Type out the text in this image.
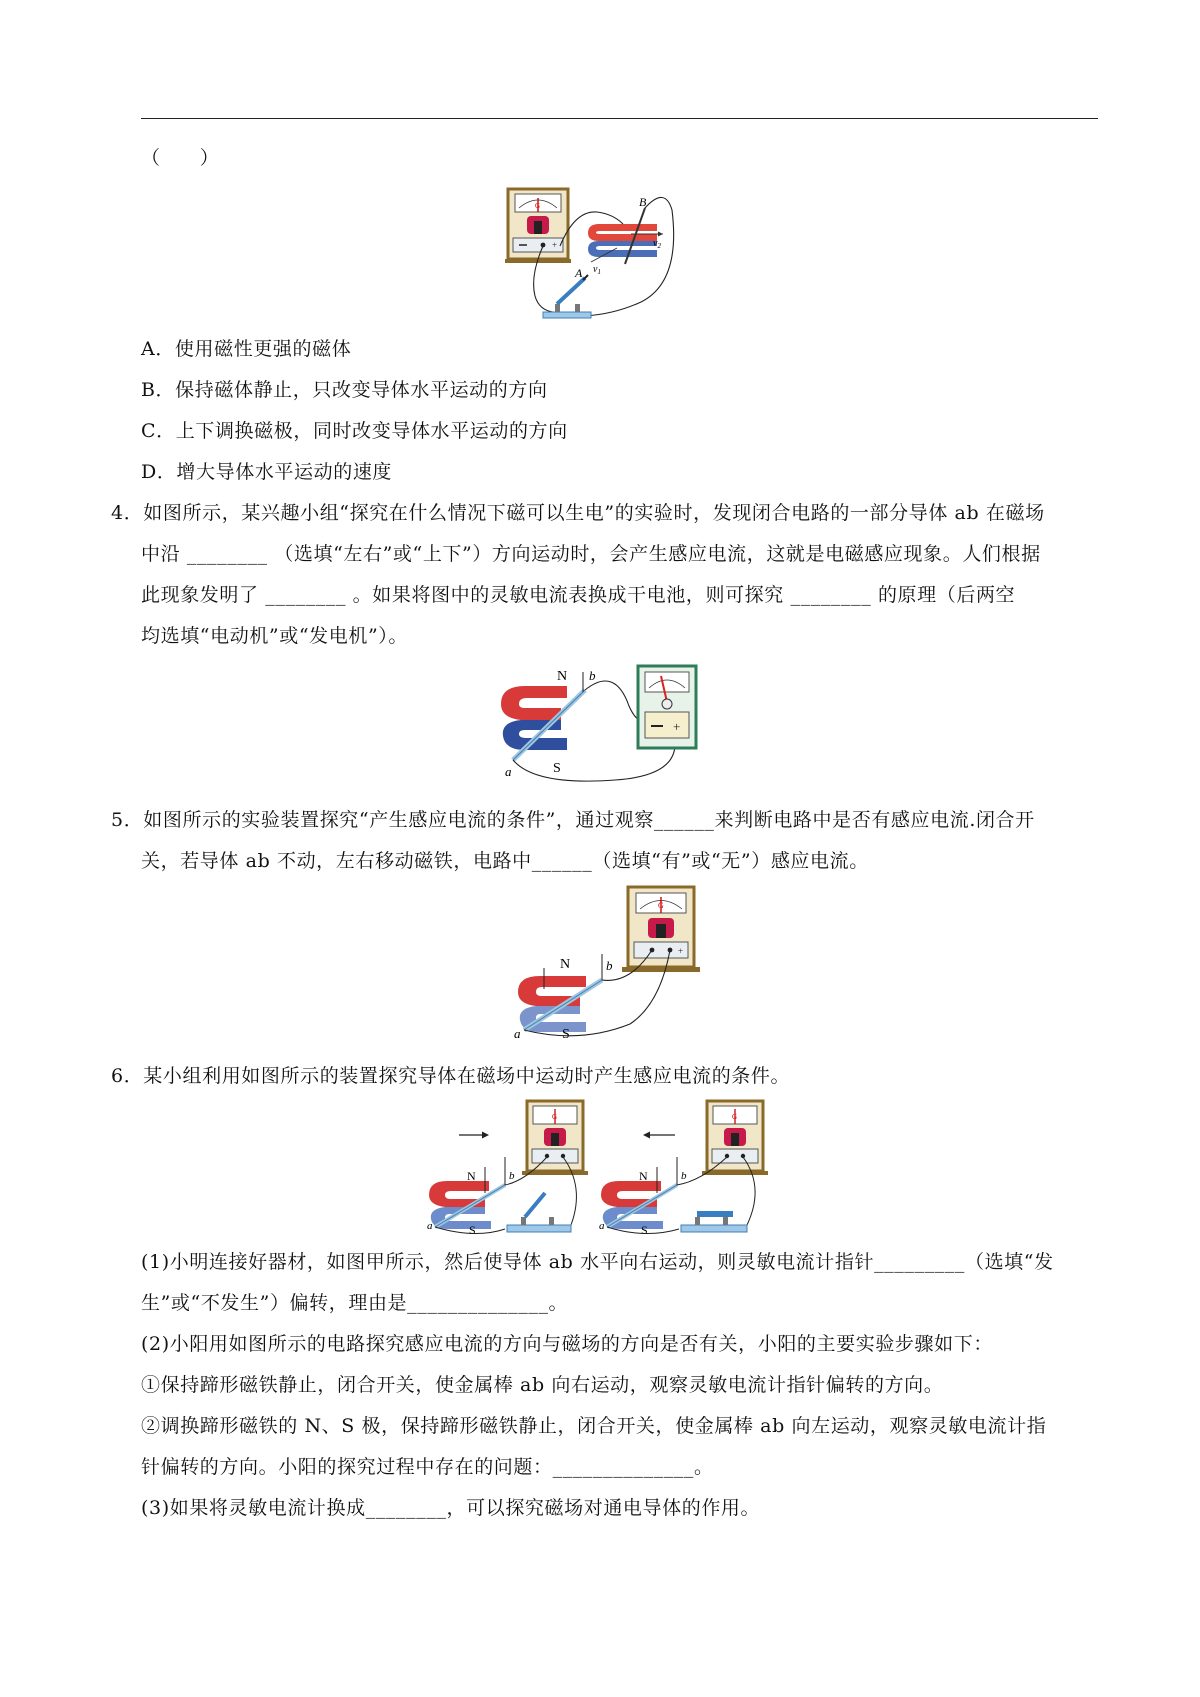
（　　）
G
+
B
A $v_1$
$v_2$
A．使用磁性更强的磁体
B．保持磁体静止，只改变导体水平运动的方向
C．上下调换磁极，同时改变导体水平运动的方向
D．增大导体水平运动的速度
4．如图所示，某兴趣小组“探究在什么情况下磁可以生电”的实验时，发现闭合电路的一部分导体 ab 在磁场
中沿 ________ （选填“左右”或“上下”）方向运动时，会产生感应电流，这就是电磁感应现象。人们根据
此现象发明了 ________ 。如果将图中的灵敏电流表换成干电池，则可探究 ________ 的原理（后两空
均选填“电动机”或“发电机”）。
N
S
a
b
+
5．如图所示的实验装置探究“产生感应电流的条件”，通过观察______来判断电路中是否有感应电流.闭合开
关，若导体 ab 不动，左右移动磁铁，电路中______（选填“有”或“无”）感应电流。
G
+
N
S
a
b
6．某小组利用如图所示的装置探究导体在磁场中运动时产生感应电流的条件。
G
N
S
a
b
G
N
S
a
b
(1)小明连接好器材，如图甲所示，然后使导体 ab 水平向右运动，则灵敏电流计指针_________（选填“发
生”或“不发生”）偏转，理由是______________。
(2)小阳用如图所示的电路探究感应电流的方向与磁场的方向是否有关，小阳的主要实验步骤如下：
①保持蹄形磁铁静止，闭合开关，使金属棒 ab 向右运动，观察灵敏电流计指针偏转的方向。
②调换蹄形磁铁的 N、S 极，保持蹄形磁铁静止，闭合开关，使金属棒 ab 向左运动，观察灵敏电流计指
针偏转的方向。小阳的探究过程中存在的问题：______________。
(3)如果将灵敏电流计换成________，可以探究磁场对通电导体的作用。
